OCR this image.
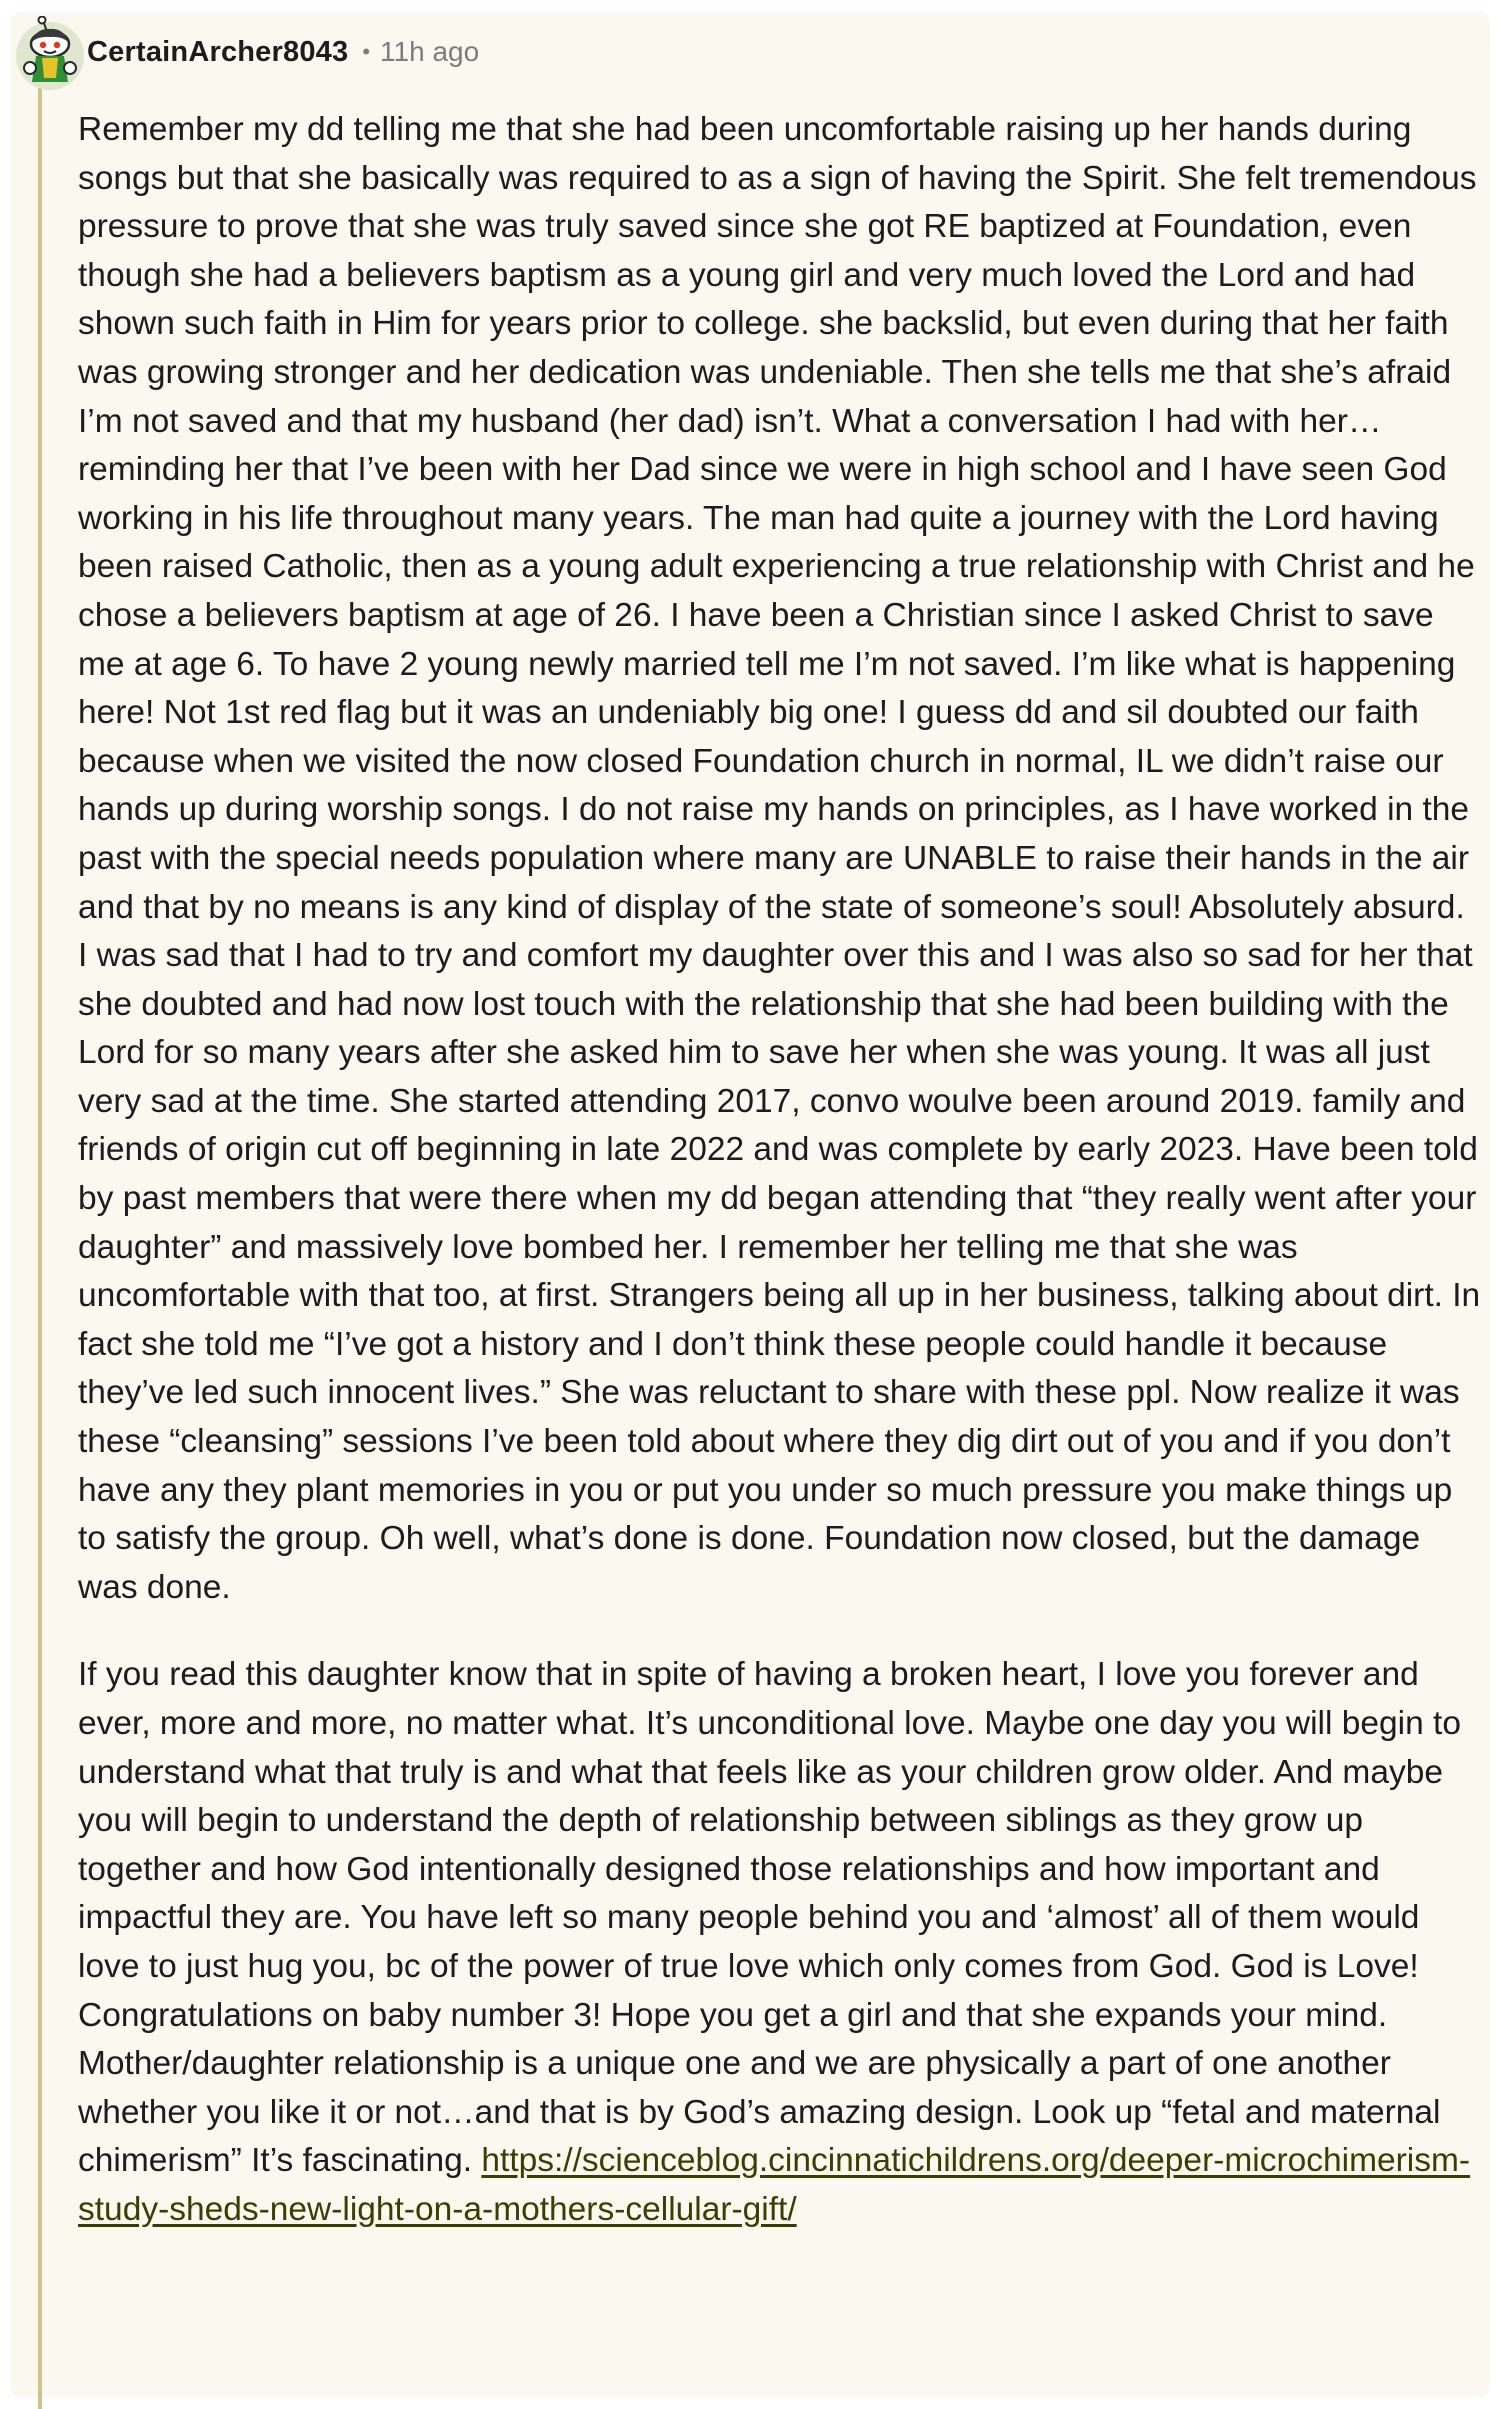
CertainArcher8043 • 11h ago

Remember my dd telling me that she had been uncomfortable raising up her hands during songs but that she basically was required to as a sign of having the Spirit. She felt tremendous pressure to prove that she was truly saved since she got RE baptized at Foundation, even though she had a believers baptism as a young girl and very much loved the Lord and had shown such faith in Him for years prior to college. she backslid, but even during that her faith was growing stronger and her dedication was undeniable. Then she tells me that she’s afraid I’m not saved and that my husband (her dad) isn’t. What a conversation I had with her… reminding her that I’ve been with her Dad since we were in high school and I have seen God working in his life throughout many years. The man had quite a journey with the Lord having been raised Catholic, then as a young adult experiencing a true relationship with Christ and he chose a believers baptism at age of 26. I have been a Christian since I asked Christ to save me at age 6. To have 2 young newly married tell me I’m not saved. I’m like what is happening here! Not 1st red flag but it was an undeniably big one! I guess dd and sil doubted our faith because when we visited the now closed Foundation church in normal, IL we didn’t raise our hands up during worship songs. I do not raise my hands on principles, as I have worked in the past with the special needs population where many are UNABLE to raise their hands in the air and that by no means is any kind of display of the state of someone’s soul! Absolutely absurd. I was sad that I had to try and comfort my daughter over this and I was also so sad for her that she doubted and had now lost touch with the relationship that she had been building with the Lord for so many years after she asked him to save her when she was young. It was all just very sad at the time. She started attending 2017, convo woulve been around 2019. family and friends of origin cut off beginning in late 2022 and was complete by early 2023. Have been told by past members that were there when my dd began attending that “they really went after your daughter” and massively love bombed her. I remember her telling me that she was uncomfortable with that too, at first. Strangers being all up in her business, talking about dirt. In fact she told me “I’ve got a history and I don’t think these people could handle it because they’ve led such innocent lives.” She was reluctant to share with these ppl. Now realize it was these “cleansing” sessions I’ve been told about where they dig dirt out of you and if you don’t have any they plant memories in you or put you under so much pressure you make things up to satisfy the group. Oh well, what’s done is done. Foundation now closed, but the damage was done.

If you read this daughter know that in spite of having a broken heart, I love you forever and ever, more and more, no matter what. It’s unconditional love. Maybe one day you will begin to understand what that truly is and what that feels like as your children grow older. And maybe you will begin to understand the depth of relationship between siblings as they grow up together and how God intentionally designed those relationships and how important and impactful they are. You have left so many people behind you and ‘almost’ all of them would love to just hug you, bc of the power of true love which only comes from God. God is Love! Congratulations on baby number 3! Hope you get a girl and that she expands your mind. Mother/daughter relationship is a unique one and we are physically a part of one another whether you like it or not…and that is by God’s amazing design. Look up “fetal and maternal chimerism” It’s fascinating. https://scienceblog.cincinnatichildrens.org/deeper-microchimerism-study-sheds-new-light-on-a-mothers-cellular-gift/
